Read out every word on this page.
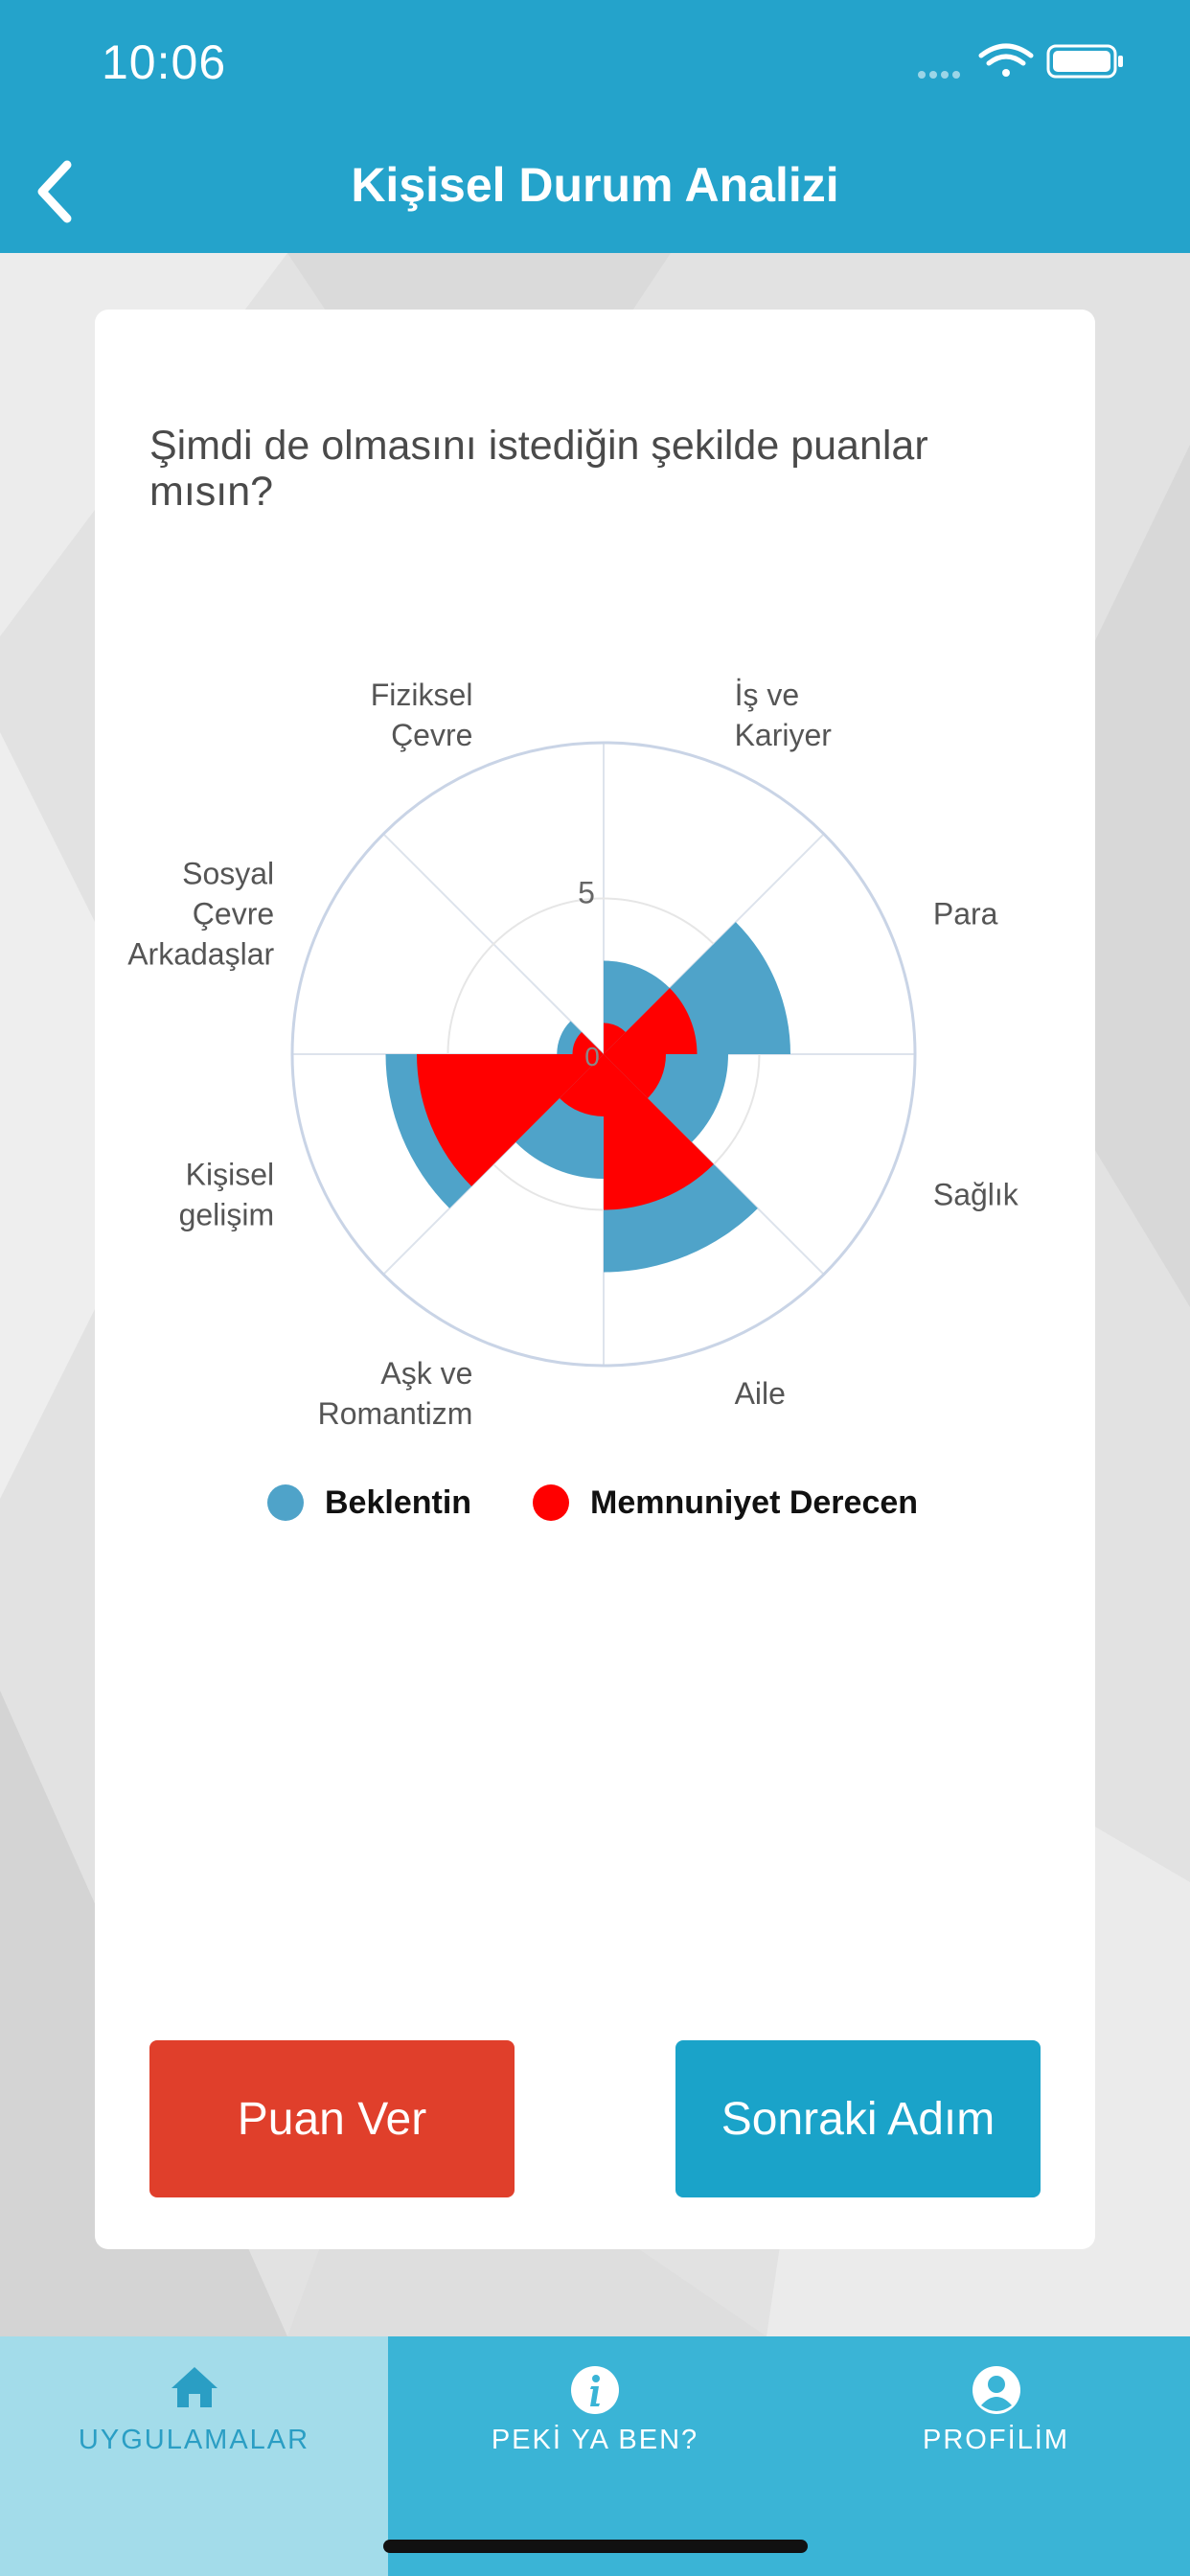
10:06
Kişisel Durum Analizi
Şimdi de olmasını istediğin şekilde puanlar mısın?
0
5
İş ve Kariyer
Para
Sağlık
Aile
Aşk ve Romantizm
Kişisel gelişim
Sosyal Çevre Arkadaşlar
Fiziksel Çevre
Beklentin	Memnuniyet Derecen
Puan Ver	Sonraki Adım
UYGULAMALAR	PEKİ YA BEN?	PROFİLİM
